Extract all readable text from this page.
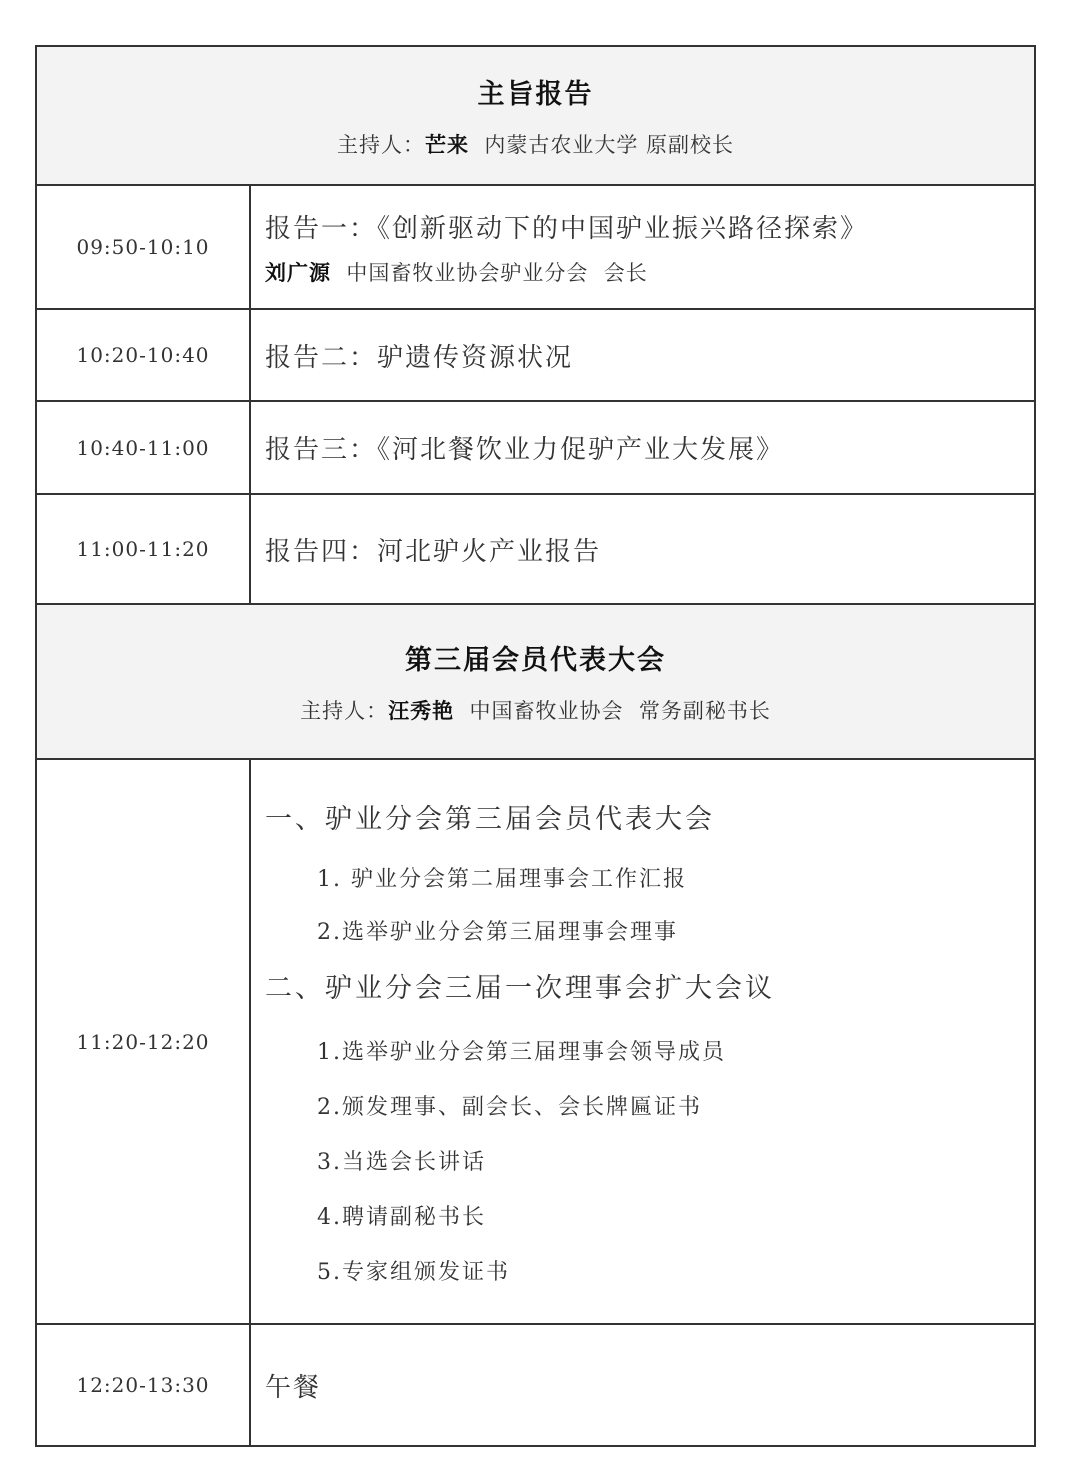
主旨报告
主持人：芒来 内蒙古农业大学 原副校长	

09:50-10:10	报告一：《创新驱动下的中国驴业振兴路径探索》
刘广源 中国畜牧业协会驴业分会 会长

10:20-10:40	报告二：驴遗传资源状况
10:40-11:00	报告三：《河北餐饮业力促驴产业大发展》
11:00-11:20	报告四：河北驴火产业报告

第三届会员代表大会
主持人：汪秀艳 中国畜牧业协会 常务副秘书长	

11:20-12:20	
一、驴业分会第三届会员代表大会
1. 驴业分会第二届理事会工作汇报
2.选举驴业分会第三届理事会理事
二、驴业分会三届一次理事会扩大会议
1.选举驴业分会第三届理事会领导成员
2.颁发理事、副会长、会长牌匾证书
3.当选会长讲话
4.聘请副秘书长
5.专家组颁发证书

12:20-13:30	午餐
